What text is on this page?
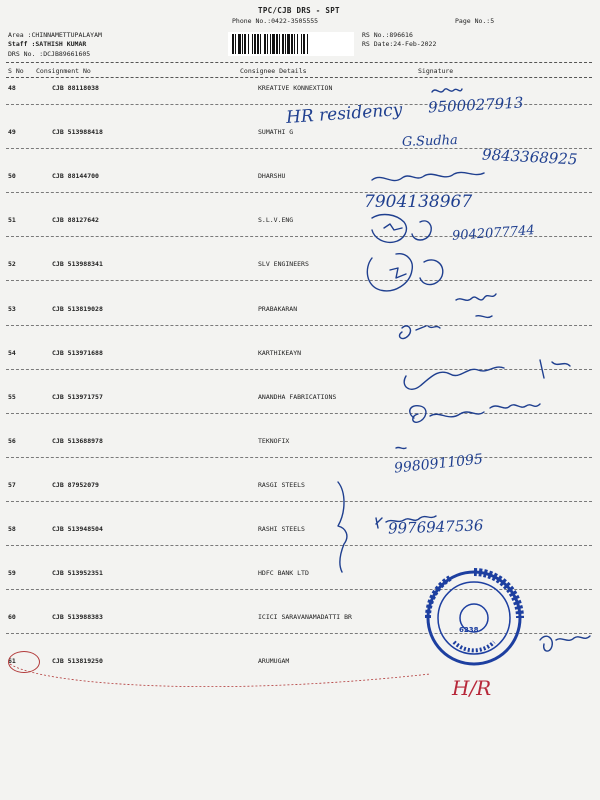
TPC/CJB DRS - SPT
Phone No.:0422-3505555
Area :CHINNAMETTUPALAYAM
Staff :SATHISH KUMAR
DRS No. :DCJB89661605
RS No.:896616
RS Date:24-Feb-2022
Page No.:5
S No Consignment No	Consignee Details	Signature
48	CJB 88118038	KREATIVE KONNEXTION
49	CJB 513988418	SUMATHI G
50	CJB 88144700	DHARSHU
51	CJB 88127642	S.L.V.ENG
52	CJB 513988341	SLV ENGINEERS
53	CJB 513819028	PRABAKARAN
54	CJB 513971688	KARTHIKEAYN
55	CJB 513971757	ANANDHA FABRICATIONS
56	CJB 513688978	TEKNOFIX
57	CJB 87952079	RASGI STEELS
58	CJB 513948504	RASHI STEELS
59	CJB 513952351	HDFC BANK LTD
60	CJB 513988383	ICICI SARAVANAMADATTI BR
61	CJB 513819250	ARUMUGAM
9500027913
HR residency
G.Sudha
9843368925
7904138967
9042077744
9980911095
9976947536
6238
H/R
